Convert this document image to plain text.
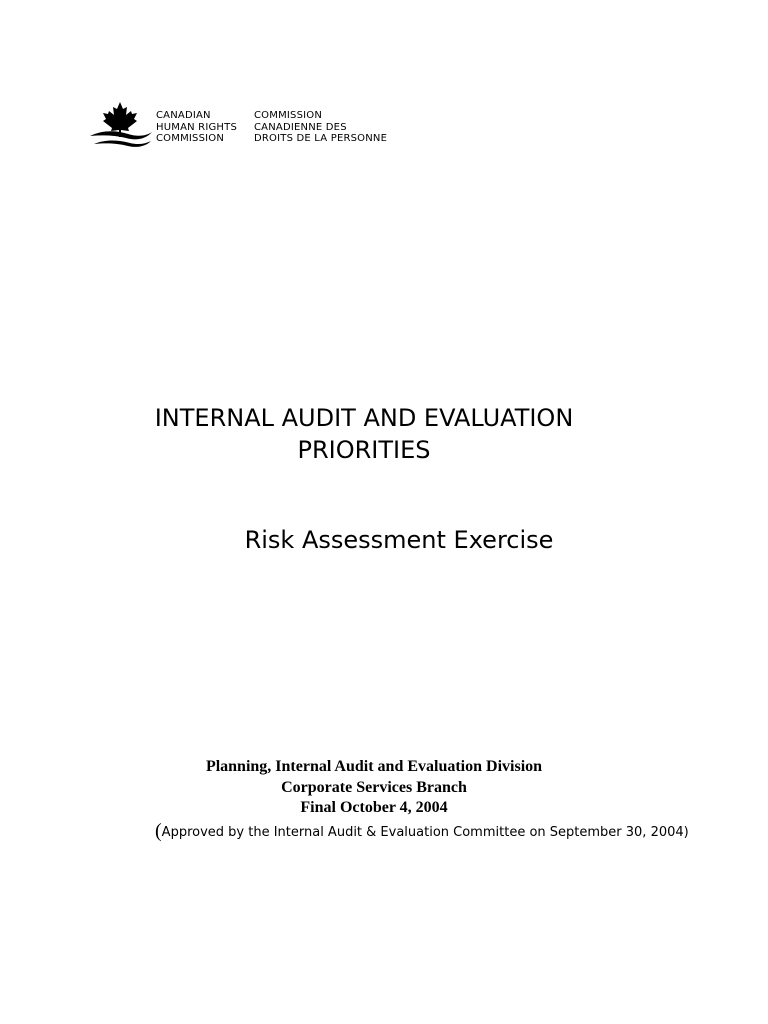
CANADIAN
HUMAN RIGHTS
COMMISSION
COMMISSION
CANADIENNE DES
DROITS DE LA PERSONNE
INTERNAL AUDIT AND EVALUATION
PRIORITIES
Risk Assessment Exercise
Planning, Internal Audit and Evaluation Division
Corporate Services Branch
Final October 4, 2004
(Approved by the Internal Audit & Evaluation Committee on September 30, 2004)
